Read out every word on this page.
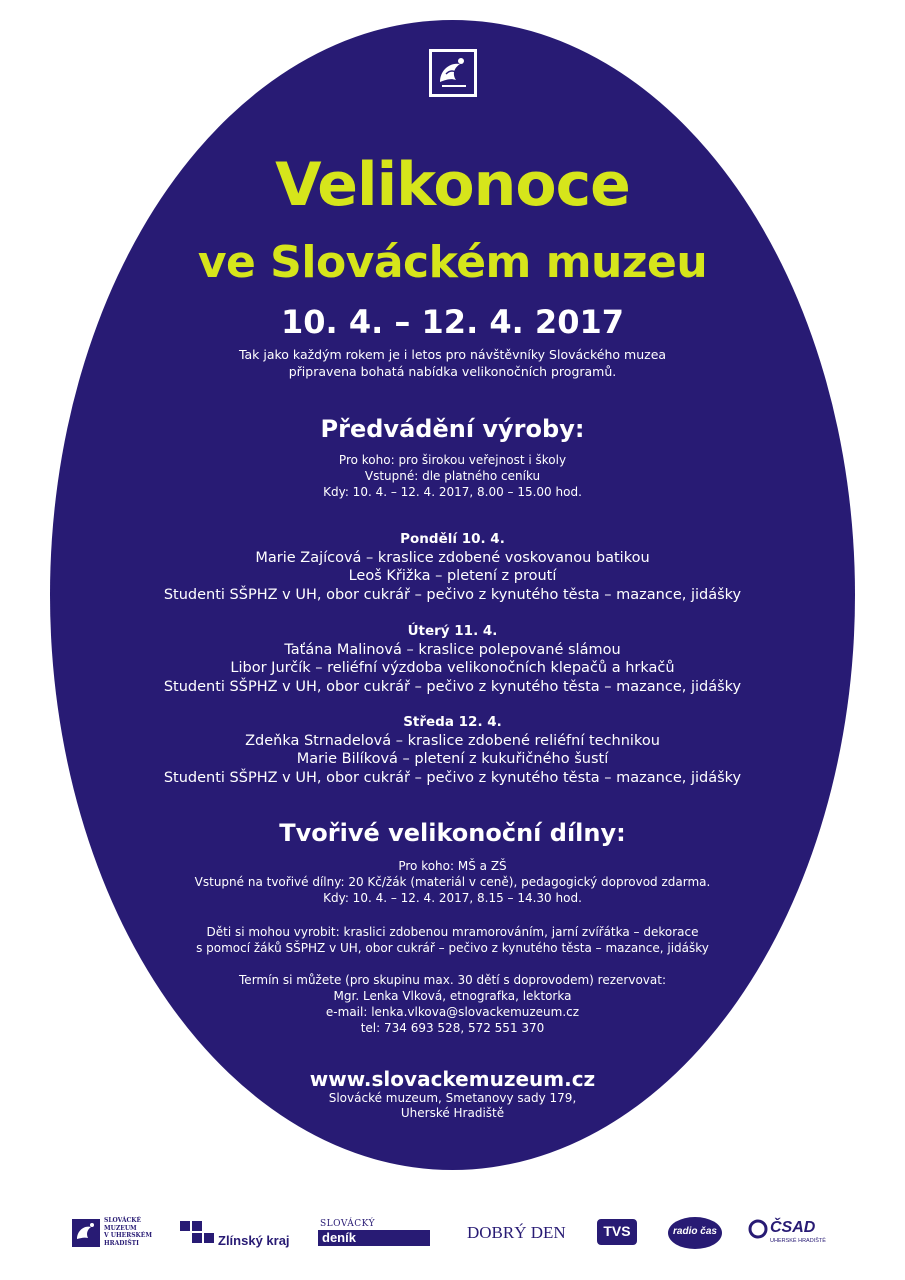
Velikonoce
ve Slováckém muzeu
10. 4. – 12. 4. 2017
Tak jako každým rokem je i letos pro návštěvníky Slováckého muzea
připravena bohatá nabídka velikonočních programů.
Předvádění výroby:
Pro koho: pro širokou veřejnost i školy
Vstupné: dle platného ceníku
Kdy: 10. 4. – 12. 4. 2017, 8.00 – 15.00 hod.
Pondělí 10. 4.
Marie Zajícová – kraslice zdobené voskovanou batikou
Leoš Křižka – pletení z proutí
Studenti SŠPHZ v UH, obor cukrář – pečivo z kynutého těsta – mazance, jidášky
Úterý 11. 4.
Taťána Malinová – kraslice polepované slámou
Libor Jurčík – reliéfní výzdoba velikonočních klepačů a hrkačů
Studenti SŠPHZ v UH, obor cukrář – pečivo z kynutého těsta – mazance, jidášky
Středa 12. 4.
Zdeňka Strnadelová – kraslice zdobené reliéfní technikou
Marie Bilíková – pletení z kukuřičného šustí
Studenti SŠPHZ v UH, obor cukrář – pečivo z kynutého těsta – mazance, jidášky
Tvořivé velikonoční dílny:
Pro koho: MŠ a ZŠ
Vstupné na tvořivé dílny: 20 Kč/žák (materiál v ceně), pedagogický doprovod zdarma.
Kdy: 10. 4. – 12. 4. 2017, 8.15 – 14.30 hod.
Děti si mohou vyrobit: kraslici zdobenou mramorováním, jarní zvířátka – dekorace
s pomocí žáků SŠPHZ v UH, obor cukrář – pečivo z kynutého těsta – mazance, jidášky
Termín si můžete (pro skupinu max. 30 dětí s doprovodem) rezervovat:
Mgr. Lenka Vlková, etnografka, lektorka
e-mail: lenka.vlkova@slovackemuzeum.cz
tel: 734 693 528, 572 551 370
www.slovackemuzeum.cz
Slovácké muzeum, Smetanovy sady 179,
Uherské Hradiště
SLOVÁCKÉ
MUZEUM
V UHERSKÉM
HRADIŠTI	Zlínský kraj
SLOVÁCKÝ
deník	DOBRÝ DEN	TVS	radio čas	ČSAD
UHERSKÉ HRADIŠTĚ
